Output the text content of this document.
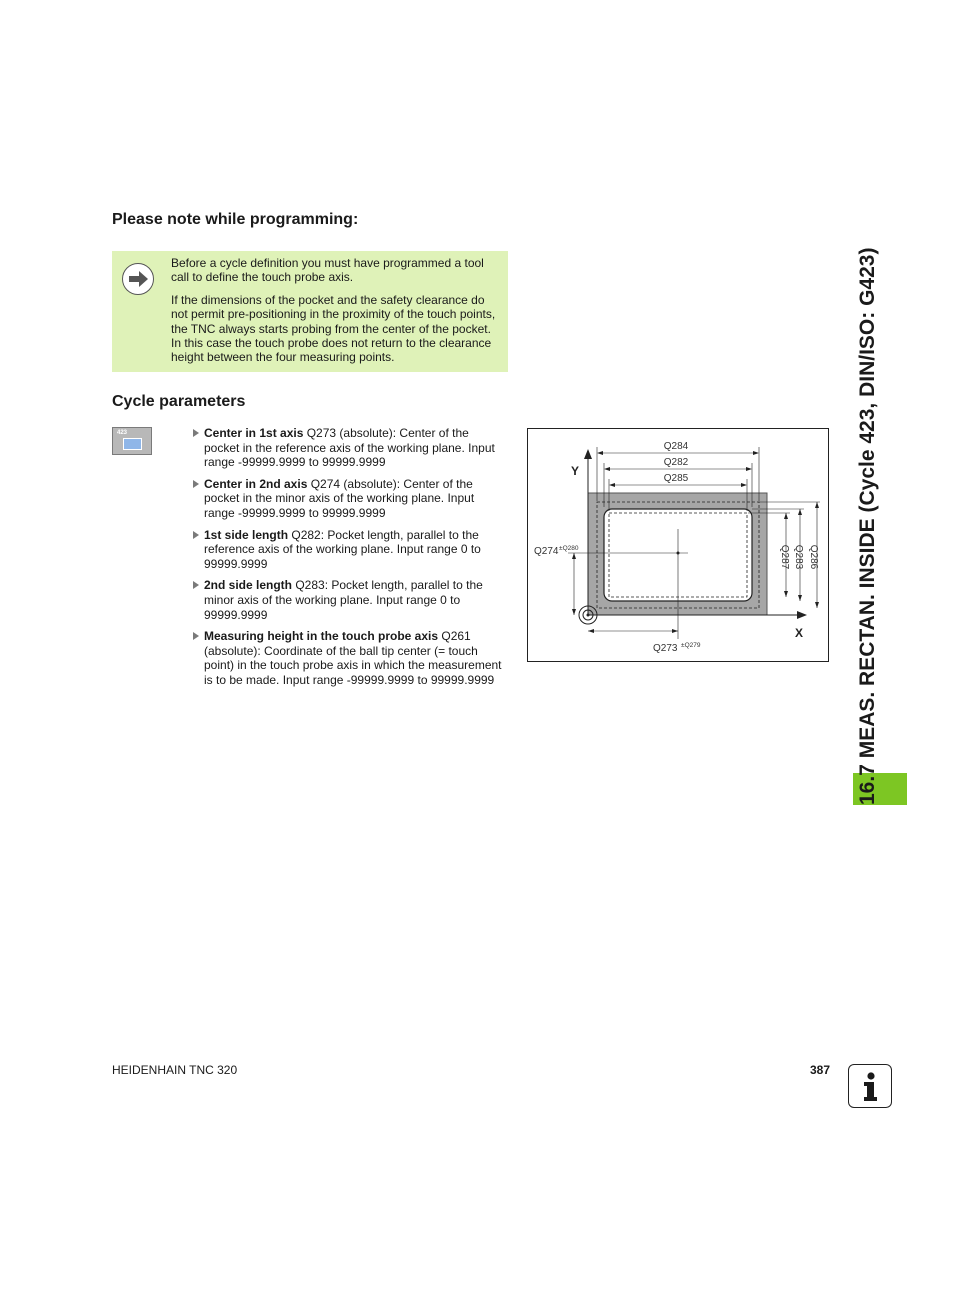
Please note while programming:

Before a cycle definition you must have programmed a tool call to define the touch probe axis.

If the dimensions of the pocket and the safety clearance do not permit pre-positioning in the proximity of the touch points, the TNC always starts probing from the center of the pocket. In this case the touch probe does not return to the clearance height between the four measuring points.

Cycle parameters
423	Center in 1st axis Q273 (absolute): Center of the pocket in the reference axis of the working plane. Input range -99999.9999 to 99999.9999
Center in 2nd axis Q274 (absolute): Center of the pocket in the minor axis of the working plane. Input range -99999.9999 to 99999.9999
1st side length Q282: Pocket length, parallel to the reference axis of the working plane. Input range 0 to 99999.9999
2nd side length Q283: Pocket length, parallel to the minor axis of the working plane. Input range 0 to 99999.9999
Measuring height in the touch probe axis Q261 (absolute): Coordinate of the ball tip center (= touch point) in the touch probe axis in which the measurement is to be made. Input range -99999.9999 to 99999.9999
Y
X
Q284
Q282
Q285
Q287 Q283 Q286
Q274 ±Q280
Q273 ±Q279	16.7 MEAS. RECTAN. INSIDE (Cycle 423, DIN/ISO: G423)
HEIDENHAIN TNC 320	387
